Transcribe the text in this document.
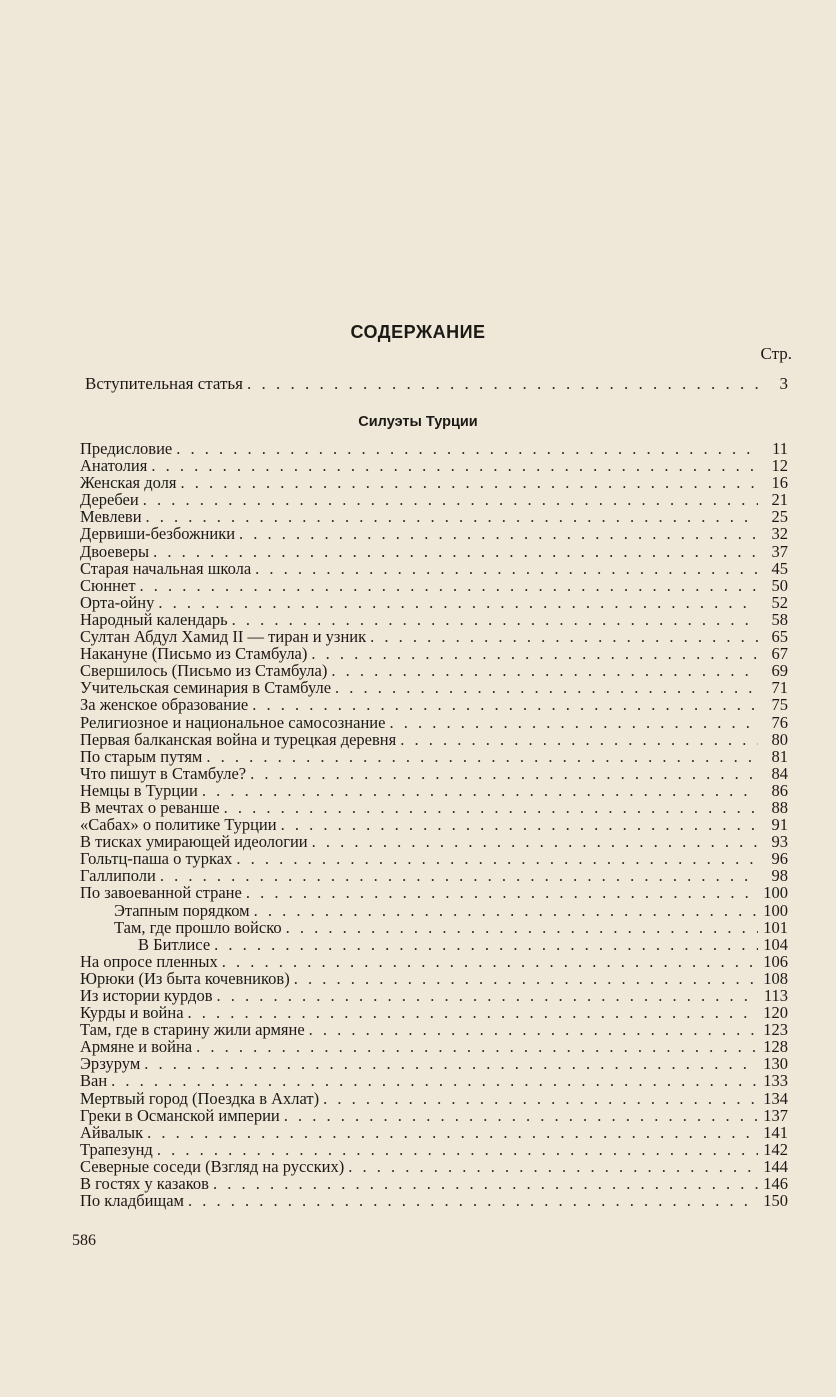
СОДЕРЖАНИЕ
Стр.
Вступительная статья . . .	3
Силуэты Турции
Предисловие . . .	11
Анатолия . . .	12
Женская доля . . .	16
Деребеи . . .	21
Мевлеви . . .	25
Дервиши-безбожники . . .	32
Двоеверы . . .	37
Старая начальная школа . . .	45
Сюннет . . .	50
Орта-ойну . . .	52
Народный календарь . . .	58
Султан Абдул Хамид II — тиран и узник . . .	65
Накануне (Письмо из Стамбула) . . .	67
Свершилось (Письмо из Стамбула) . . .	69
Учительская семинария в Стамбуле . . .	71
За женское образование . . .	75
Религиозное и национальное самосознание . . .	76
Первая балканская война и турецкая деревня . . .	80
По старым путям . . .	81
Что пишут в Стамбуле? . . .	84
Немцы в Турции . . .	86
В мечтах о реванше . . .	88
«Сабах» о политике Турции . . .	91
В тисках умирающей идеологии . . .	93
Гольтц-паша о турках . . .	96
Галлиполи . . .	98
По завоеванной стране . . .	100
Этапным порядком . . .	100
Там, где прошло войско . . .	101
В Битлисе . . .	104
На опросе пленных . . .	106
Юрюки (Из быта кочевников) . . .	108
Из истории курдов . . .	113
Курды и война . . .	120
Там, где в старину жили армяне . . .	123
Армяне и война . . .	128
Эрзурум . . .	130
Ван . . .	133
Мертвый город (Поездка в Ахлат) . . .	134
Греки в Османской империи . . .	137
Айвалык . . .	141
Трапезунд . . .	142
Северные соседи (Взгляд на русских) . . .	144
В гостях у казаков . . .	146
По кладбищам . . .	150
586
